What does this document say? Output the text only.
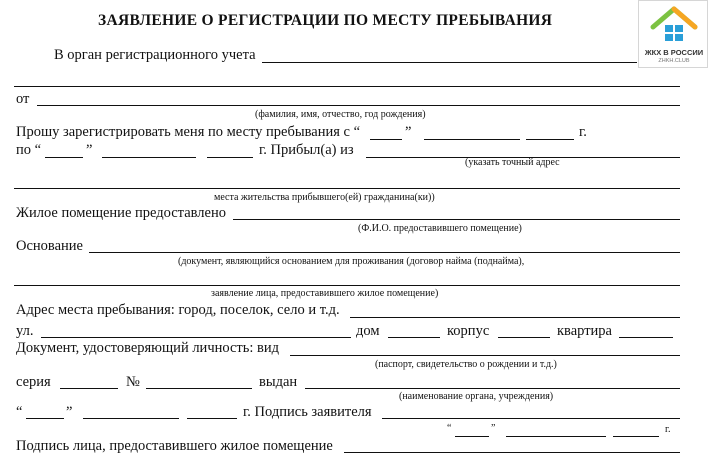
ЖКХ В РОССИИ
ZHKH.CLUB
ЗАЯВЛЕНИЕ О РЕГИСТРАЦИИ ПО МЕСТУ ПРЕБЫВАНИЯ
В орган регистрационного учета
от
(фамилия, имя, отчество, год рождения)
Прошу зарегистрировать меня по месту пребывания с “	”	г.
по “	”	г. Прибыл(а) из
(указать точный адрес
места жительства прибывшего(ей) гражданина(ки))
Жилое помещение предоставлено
(Ф.И.О. предоставившего помещение)
Основание
(документ, являющийся основанием для проживания (договор найма (поднайма),
заявление лица, предоставившего жилое помещение)
Адрес места пребывания: город, поселок, село и т.д.
ул.	дом	корпус	квартира
Документ, удостоверяющий личность: вид
(паспорт, свидетельство о рождении и т.д.)
серия	№	выдан
(наименование органа, учреждения)
“	”	г. Подпись заявителя
“	”	г.
Подпись лица, предоставившего жилое помещение
